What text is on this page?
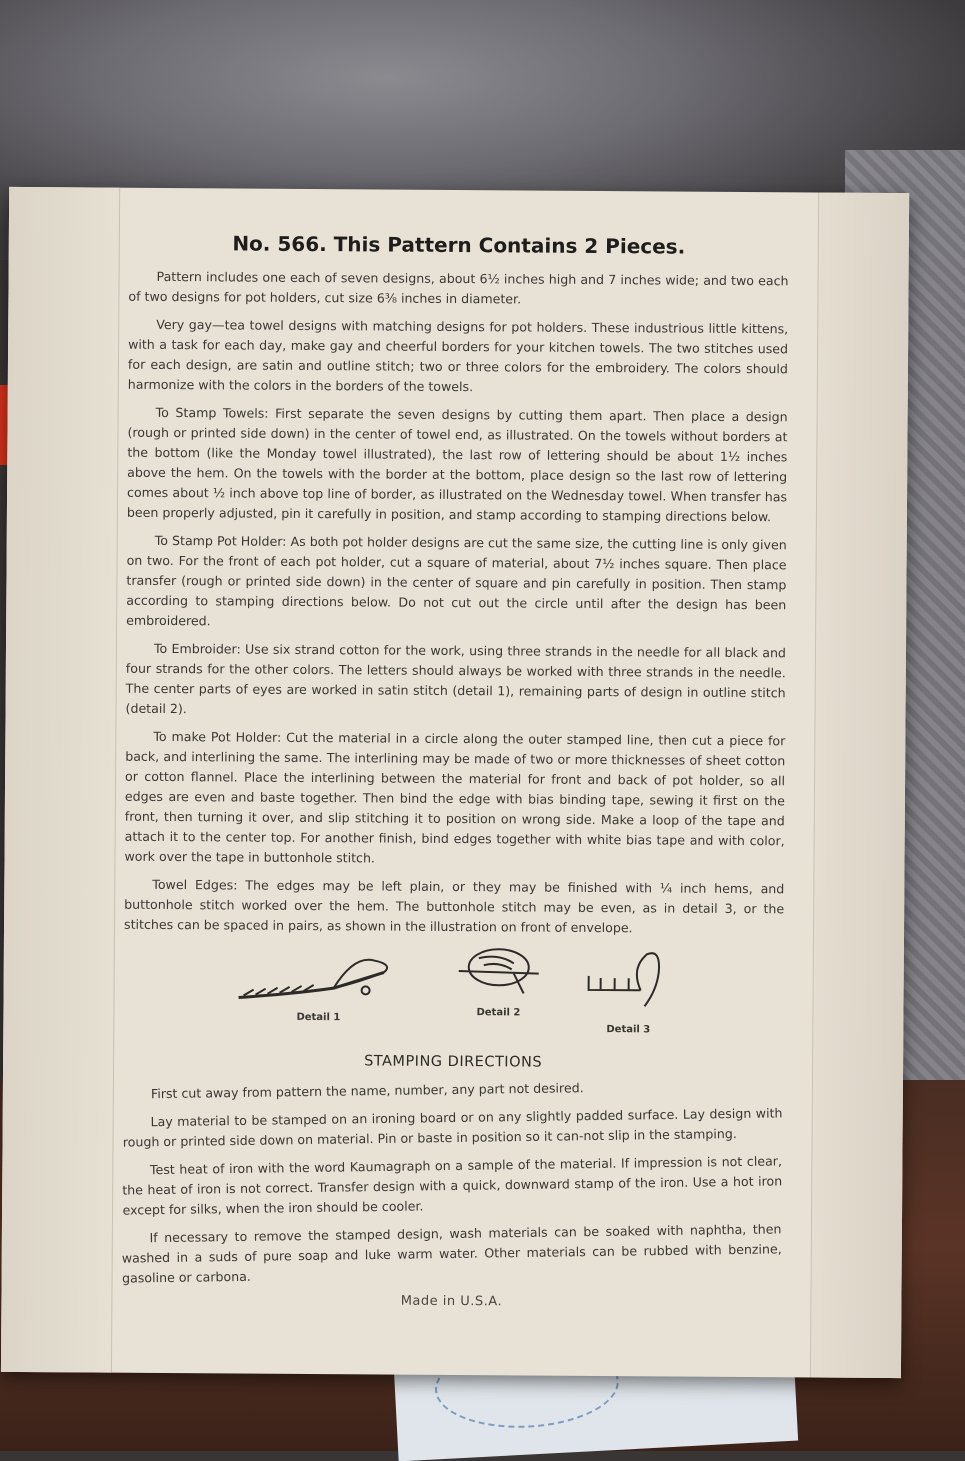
No. 566. This Pattern Contains 2 Pieces.

Pattern includes one each of seven designs, about 6½ inches high and 7 inches wide; and two each of two designs for pot holders, cut size 6⅜ inches in diameter.

Very gay—tea towel designs with matching designs for pot holders. These industrious little kittens, with a task for each day, make gay and cheerful borders for your kitchen towels. The two stitches used for each design, are satin and outline stitch; two or three colors for the embroidery. The colors should harmonize with the colors in the borders of the towels.

To Stamp Towels: First separate the seven designs by cutting them apart. Then place a design (rough or printed side down) in the center of towel end, as illustrated. On the towels without borders at the bottom (like the Monday towel illustrated), the last row of lettering should be about 1½ inches above the hem. On the towels with the border at the bottom, place design so the last row of lettering comes about ½ inch above top line of border, as illustrated on the Wednesday towel. When transfer has been properly adjusted, pin it carefully in position, and stamp according to stamping directions below.

To Stamp Pot Holder: As both pot holder designs are cut the same size, the cutting line is only given on two. For the front of each pot holder, cut a square of material, about 7½ inches square. Then place transfer (rough or printed side down) in the center of square and pin carefully in position. Then stamp according to stamping directions below. Do not cut out the circle until after the design has been embroidered.

To Embroider: Use six strand cotton for the work, using three strands in the needle for all black and four strands for the other colors. The letters should always be worked with three strands in the needle. The center parts of eyes are worked in satin stitch (detail 1), remaining parts of design in outline stitch (detail 2).

To make Pot Holder: Cut the material in a circle along the outer stamped line, then cut a piece for back, and interlining the same. The interlining may be made of two or more thicknesses of sheet cotton or cotton flannel. Place the interlining between the material for front and back of pot holder, so all edges are even and baste together. Then bind the edge with bias binding tape, sewing it first on the front, then turning it over, and slip stitching it to position on wrong side. Make a loop of the tape and attach it to the center top. For another finish, bind edges together with white bias tape and with color, work over the tape in buttonhole stitch.

Towel Edges: The edges may be left plain, or they may be finished with ¼ inch hems, and buttonhole stitch worked over the hem. The buttonhole stitch may be even, as in detail 3, or the stitches can be spaced in pairs, as shown in the illustration on front of envelope.

Detail 1	Detail 2
Detail 3
STAMPING DIRECTIONS

First cut away from pattern the name, number, any part not desired.

Lay material to be stamped on an ironing board or on any slightly padded surface. Lay design with rough or printed side down on material. Pin or baste in position so it can-not slip in the stamping.

Test heat of iron with the word Kaumagraph on a sample of the material. If impression is not clear, the heat of iron is not correct. Transfer design with a quick, downward stamp of the iron. Use a hot iron except for silks, when the iron should be cooler.

If necessary to remove the stamped design, wash materials can be soaked with naphtha, then washed in a suds of pure soap and luke warm water. Other materials can be rubbed with benzine, gasoline or carbona.

Made in U.S.A.
